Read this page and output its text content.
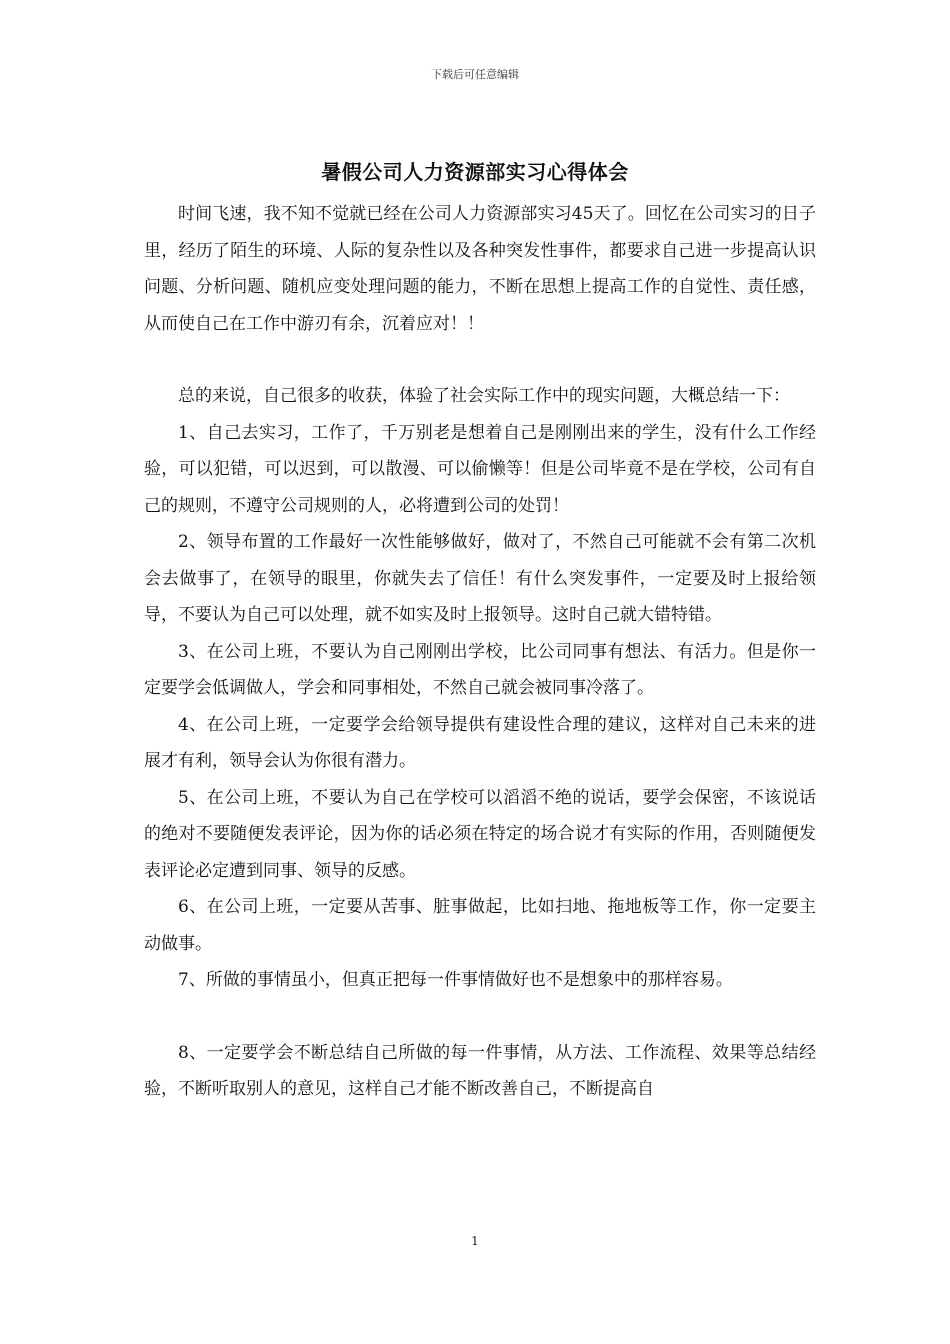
下载后可任意编辑
暑假公司人力资源部实习心得体会

时间飞速，我不知不觉就已经在公司人力资源部实习45天了。回忆在公司实习的日子里，经历了陌生的环境、人际的复杂性以及各种突发性事件，都要求自己进一步提高认识问题、分析问题、随机应变处理问题的能力，不断在思想上提高工作的自觉性、责任感，从而使自己在工作中游刃有余，沉着应对！！

总的来说，自己很多的收获，体验了社会实际工作中的现实问题，大概总结一下：

1、自己去实习，工作了，千万别老是想着自己是刚刚出来的学生，没有什么工作经验，可以犯错，可以迟到，可以散漫、可以偷懒等！但是公司毕竟不是在学校，公司有自己的规则，不遵守公司规则的人，必将遭到公司的处罚！

2、领导布置的工作最好一次性能够做好，做对了，不然自己可能就不会有第二次机会去做事了，在领导的眼里，你就失去了信任！有什么突发事件，一定要及时上报给领导，不要认为自己可以处理，就不如实及时上报领导。这时自己就大错特错。

3、在公司上班，不要认为自己刚刚出学校，比公司同事有想法、有活力。但是你一定要学会低调做人，学会和同事相处，不然自己就会被同事冷落了。

4、在公司上班，一定要学会给领导提供有建设性合理的建议，这样对自己未来的进展才有利，领导会认为你很有潜力。

5、在公司上班，不要认为自己在学校可以滔滔不绝的说话，要学会保密，不该说话的绝对不要随便发表评论，因为你的话必须在特定的场合说才有实际的作用，否则随便发表评论必定遭到同事、领导的反感。

6、在公司上班，一定要从苦事、脏事做起，比如扫地、拖地板等工作，你一定要主动做事。

7、所做的事情虽小，但真正把每一件事情做好也不是想象中的那样容易。

8、一定要学会不断总结自己所做的每一件事情，从方法、工作流程、效果等总结经验，不断听取别人的意见，这样自己才能不断改善自己，不断提高自

1
